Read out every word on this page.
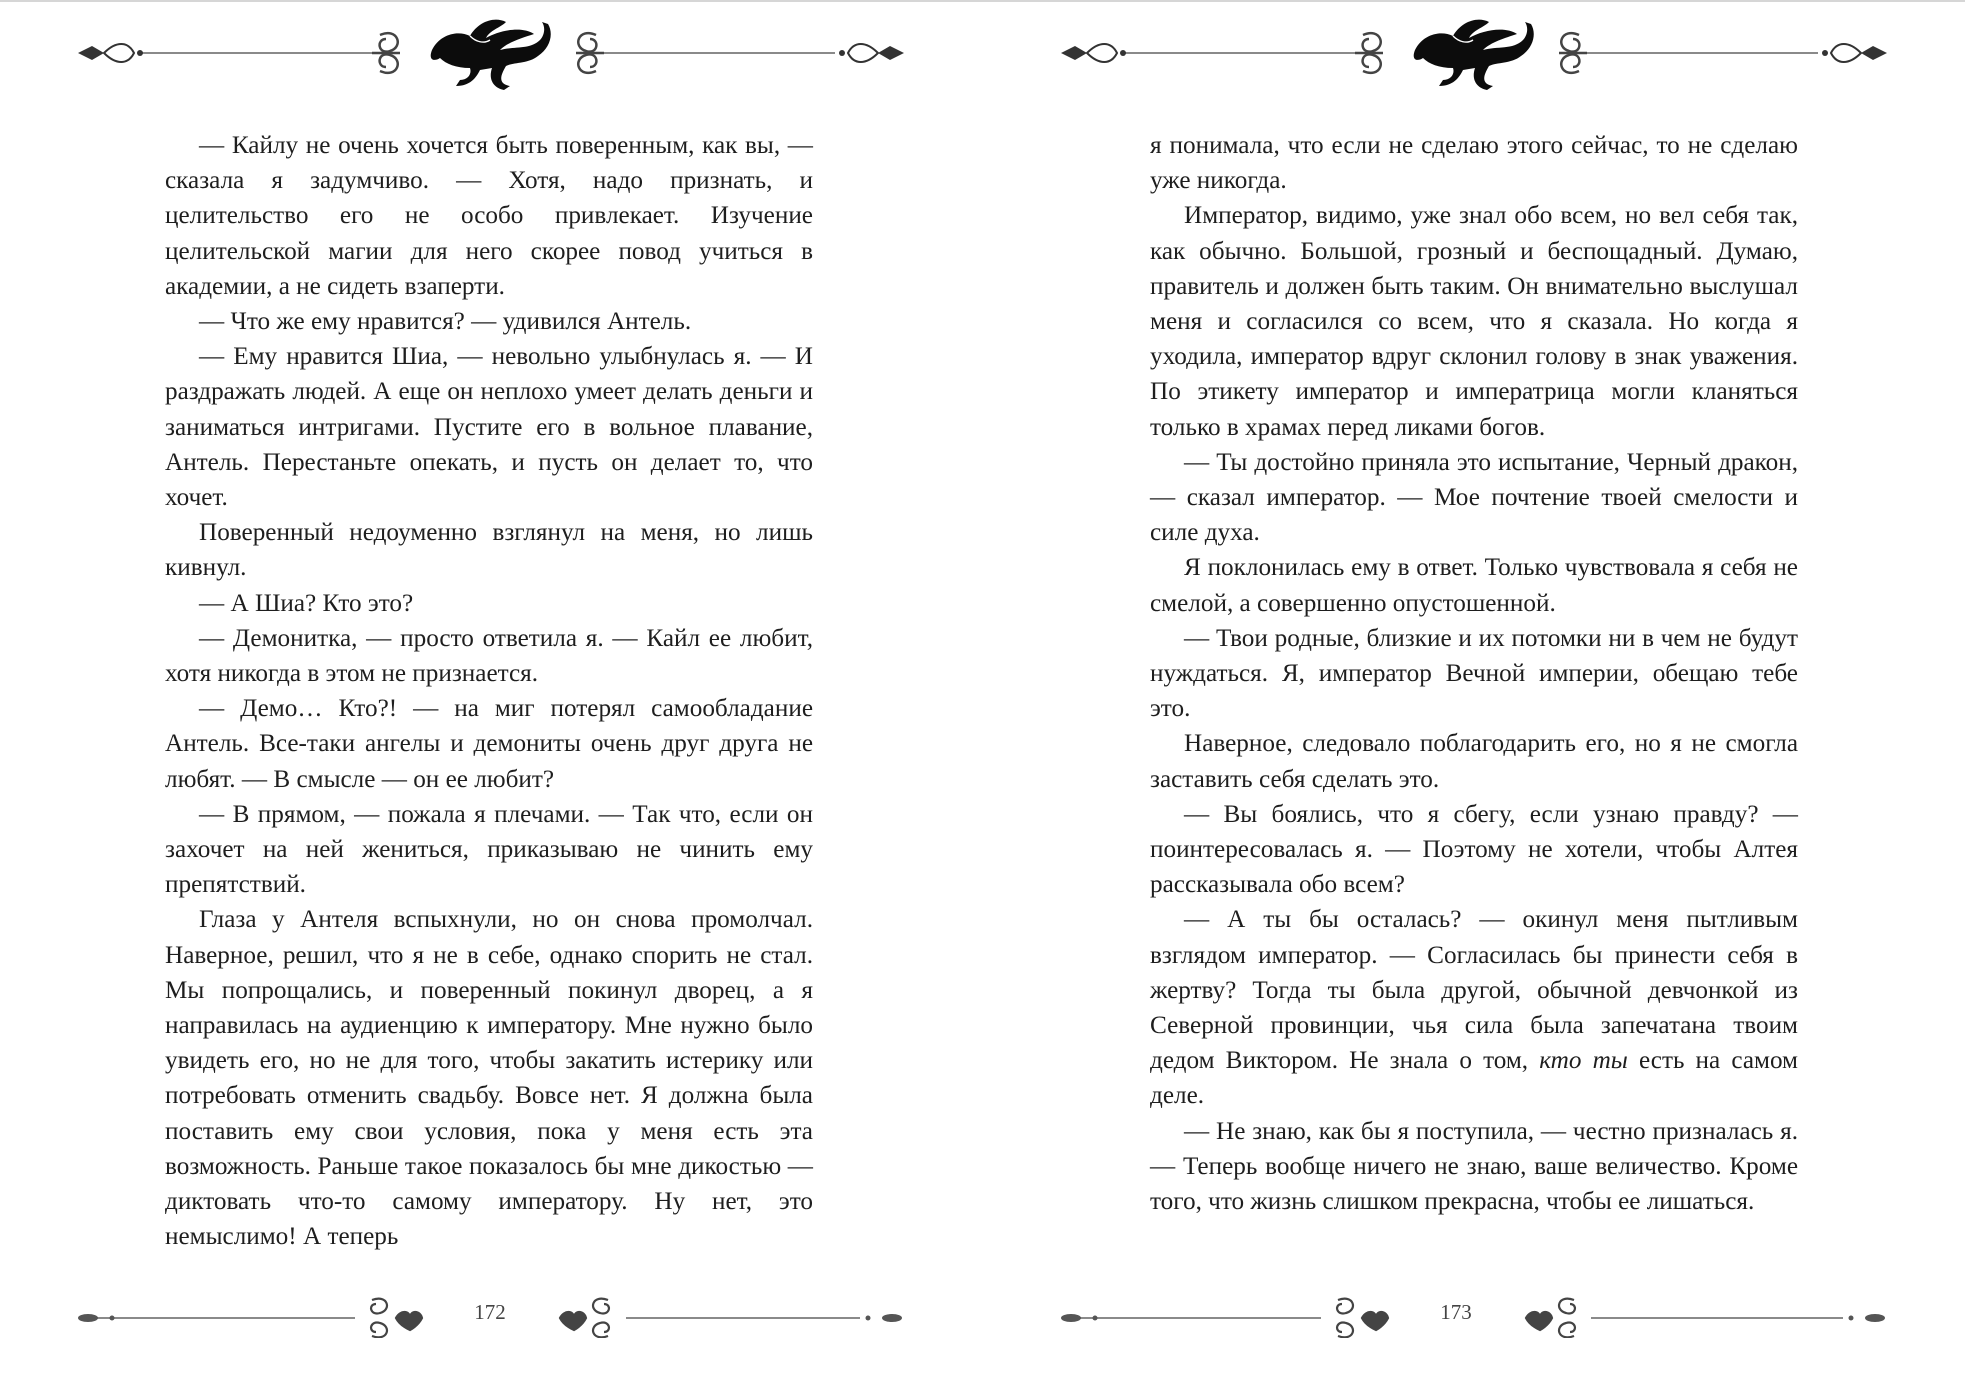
— Кайлу не очень хочется быть поверенным, как вы, — сказала я задумчиво. — Хотя, надо признать, и целительство его не особо привлекает. Изучение целительской магии для него скорее повод учиться в академии, а не сидеть взаперти.

— Что же ему нравится? — удивился Антель.

— Ему нравится Шиа, — невольно улыбнулась я. — И раздражать людей. А еще он неплохо умеет делать деньги и заниматься интригами. Пустите его в вольное плавание, Антель. Перестаньте опекать, и пусть он делает то, что хочет.

Поверенный недоуменно взглянул на меня, но лишь кивнул.

— А Шиа? Кто это?

— Демонитка, — просто ответила я. — Кайл ее любит, хотя никогда в этом не признается.

— Демо… Кто?! — на миг потерял самообладание Антель. Все-таки ангелы и демониты очень друг друга не любят. — В смысле — он ее любит?

— В прямом, — пожала я плечами. — Так что, если он захочет на ней жениться, приказываю не чинить ему препятствий.

Глаза у Антеля вспыхнули, но он снова промолчал. Наверное, решил, что я не в себе, однако спорить не стал. Мы попрощались, и поверенный покинул дворец, а я направилась на аудиенцию к императору. Мне нужно было увидеть его, но не для того, чтобы закатить истерику или потребовать отменить свадьбу. Вовсе нет. Я должна была поставить ему свои условия, пока у меня есть эта возможность. Раньше такое показалось бы мне дикостью — диктовать что-то самому императору. Ну нет, это немыслимо! А теперь

172

я понимала, что если не сделаю этого сейчас, то не сделаю уже никогда.

Император, видимо, уже знал обо всем, но вел себя так, как обычно. Большой, грозный и беспощадный. Думаю, правитель и должен быть таким. Он внимательно выслушал меня и согласился со всем, что я сказала. Но когда я уходила, император вдруг склонил голову в знак уважения. По этикету император и императрица могли кланяться только в храмах перед ликами богов.

— Ты достойно приняла это испытание, Черный дракон, — сказал император. — Мое почтение твоей смелости и силе духа.

Я поклонилась ему в ответ. Только чувствовала я себя не смелой, а совершенно опустошенной.

— Твои родные, близкие и их потомки ни в чем не будут нуждаться. Я, император Вечной империи, обещаю тебе это.

Наверное, следовало поблагодарить его, но я не смогла заставить себя сделать это.

— Вы боялись, что я сбегу, если узнаю правду? — поинтересовалась я. — Поэтому не хотели, чтобы Алтея рассказывала обо всем?

— А ты бы осталась? — окинул меня пытливым взглядом император. — Согласилась бы принести себя в жертву? Тогда ты была другой, обычной девчонкой из Северной провинции, чья сила была запечатана твоим дедом Виктором. Не знала о том, кто ты есть на самом деле.

— Не знаю, как бы я поступила, — честно призналась я. — Теперь вообще ничего не знаю, ваше величество. Кроме того, что жизнь слишком прекрасна, чтобы ее лишаться.

173
